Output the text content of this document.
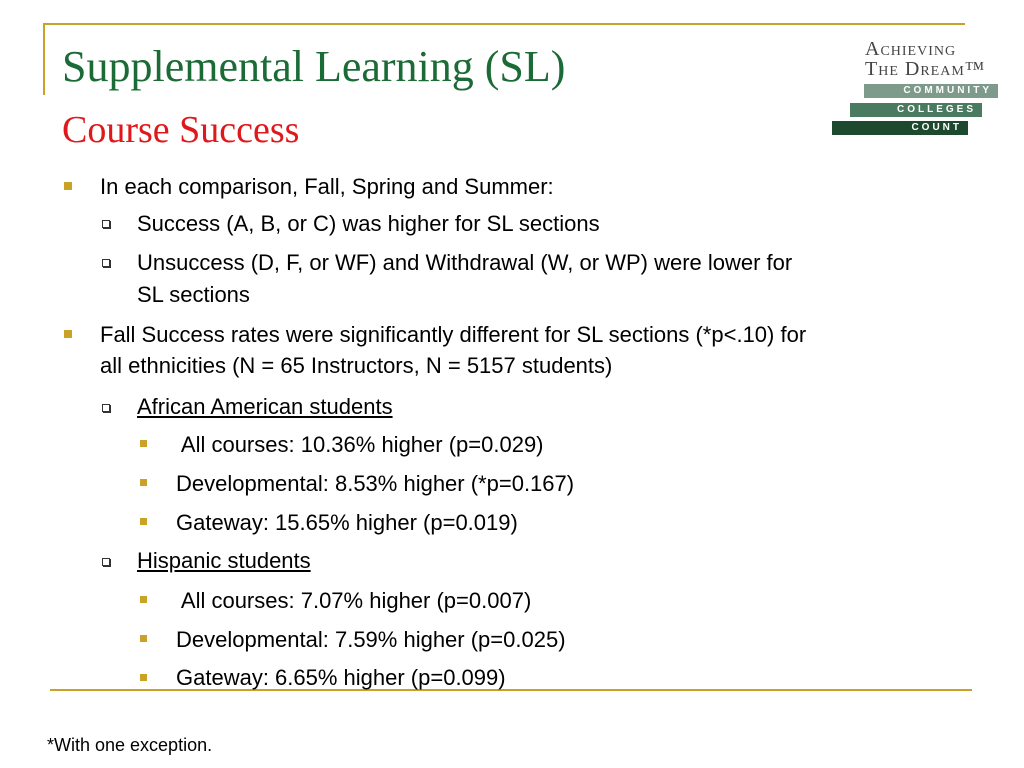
Supplemental Learning (SL)
Course Success
Achieving
The Dream™
COMMUNITY
COLLEGES
COUNT
In each comparison, Fall, Spring and Summer:
Success (A, B, or C) was higher for SL sections
Unsuccess (D, F, or WF) and Withdrawal (W, or WP) were lower for
SL sections
Fall Success rates were significantly different for SL sections (*p<.10) for
all ethnicities (N = 65 Instructors, N = 5157 students)
African American students
All courses: 10.36% higher (p=0.029)
Developmental: 8.53% higher (*p=0.167)
Gateway: 15.65% higher (p=0.019)
Hispanic students
All courses: 7.07% higher (p=0.007)
Developmental: 7.59% higher (p=0.025)
Gateway: 6.65% higher (p=0.099)
*With one exception.
